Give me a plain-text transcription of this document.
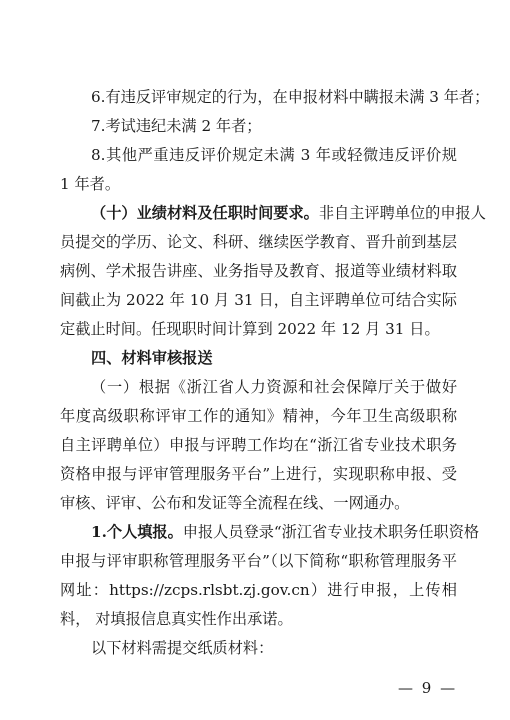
6.有违反评审规定的行为，在申报材料中瞒报未满 3 年者；
7.考试违纪未满 2 年者；
8.其他严重违反评价规定未满 3 年或轻微违反评价规
1 年者。
（十）业绩材料及任职时间要求。 非自主评聘单位的申报人
员提交的学历、论文、科研、继续医学教育、晋升前到基层
病例、学术报告讲座、业务指导及教育、报道等业绩材料取
间截止为 2022 年 10 月 31 日，自主评聘单位可结合实际
定截止时间。任现职时间计算到 2022 年 12 月 31 日。
四、材料审核报送
（一）根据《浙江省人力资源和社会保障厅关于做好
年度高级职称评审工作的通知》精神，今年卫生高级职称
自主评聘单位）申报与评聘工作均在“浙江省专业技术职务
资格申报与评审管理服务平台”上进行，实现职称申报、受
审核、评审、公布和发证等全流程在线、一网通办。
1.个人填报。 申报人员登录“浙江省专业技术职务任职资格
申报与评审职称管理服务平台”（以下简称“职称管理服务平
网址：https://zcps.rlsbt.zj.gov.cn）进行申报，上传相
料， 对填报信息真实性作出承诺。
以下材料需提交纸质材料：
— 9 —
